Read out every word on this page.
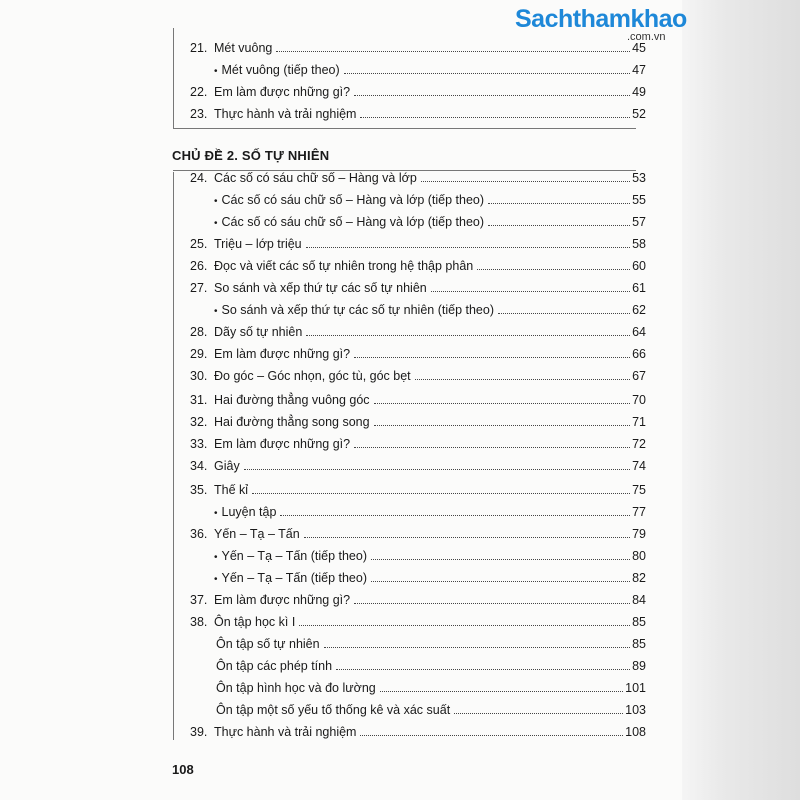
Sachthamkhao
.com.vn
CHỦ ĐỀ 2. SỐ TỰ NHIÊN
21. Mét vuông	45
• Mét vuông (tiếp theo)	47
22. Em làm được những gì?	49
23. Thực hành và trải nghiệm	52
24. Các số có sáu chữ số – Hàng và lớp	53
• Các số có sáu chữ số – Hàng và lớp (tiếp theo)	55
• Các số có sáu chữ số – Hàng và lớp (tiếp theo)	57
25. Triệu – lớp triệu	58
26. Đọc và viết các số tự nhiên trong hệ thập phân	60
27. So sánh và xếp thứ tự các số tự nhiên	61
• So sánh và xếp thứ tự các số tự nhiên (tiếp theo)	62
28. Dãy số tự nhiên	64
29. Em làm được những gì?	66
30. Đo góc – Góc nhọn, góc tù, góc bẹt	67
31. Hai đường thẳng vuông góc	70
32. Hai đường thẳng song song	71
33. Em làm được những gì?	72
34. Giây	74
35. Thế kỉ	75
• Luyện tập	77
36. Yến – Tạ – Tấn	79
• Yến – Tạ – Tấn (tiếp theo)	80
• Yến – Tạ – Tấn (tiếp theo)	82
37. Em làm được những gì?	84
38. Ôn tập học kì I	85
Ôn tập số tự nhiên	85
Ôn tập các phép tính	89
Ôn tập hình học và đo lường	101
Ôn tập một số yếu tố thống kê và xác suất	103
39. Thực hành và trải nghiệm	108
108
